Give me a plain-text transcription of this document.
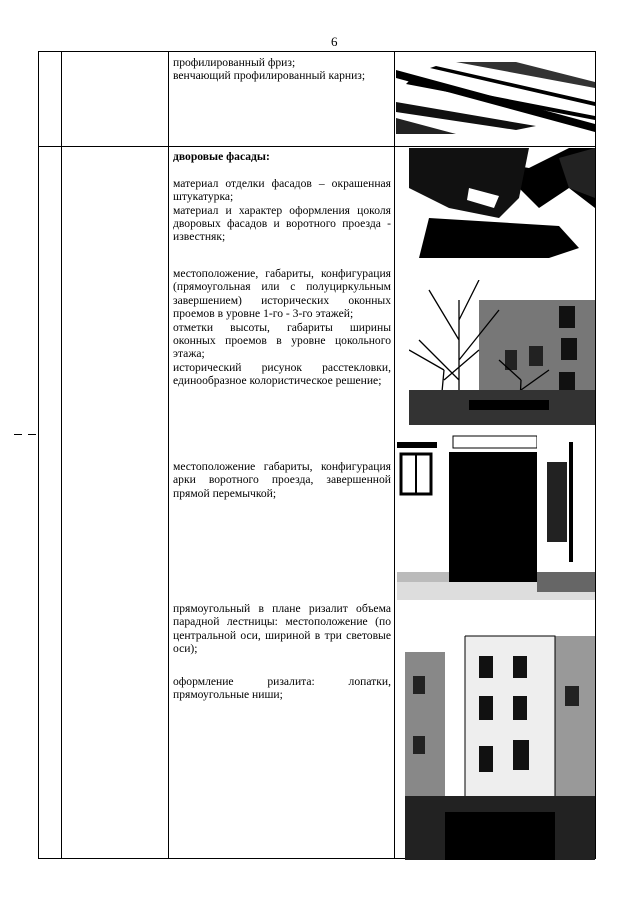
6

профилированный фриз;

венчающий профилированный карниз;

дворовые фасады:

материал отделки фасадов – окрашенная штукатурка;

материал и характер оформления цоколя дворовых фасадов и воротного проезда - известняк;

местоположение, габариты, конфигурация (прямоугольная или с полуциркульным завершением) исторических оконных проемов в уровне 1-го - 3-го этажей;

отметки высоты, габариты ширины оконных проемов в уровне цокольного этажа;

исторический рисунок расстекловки, единообразное колористическое решение;

местоположение габариты, конфигурация арки воротного проезда, завершенной прямой перемычкой;

прямоугольный в плане ризалит объема парадной лестницы: местоположение (по центральной оси, шириной в три световые оси);

оформление ризалита: лопатки, прямоугольные ниши;
